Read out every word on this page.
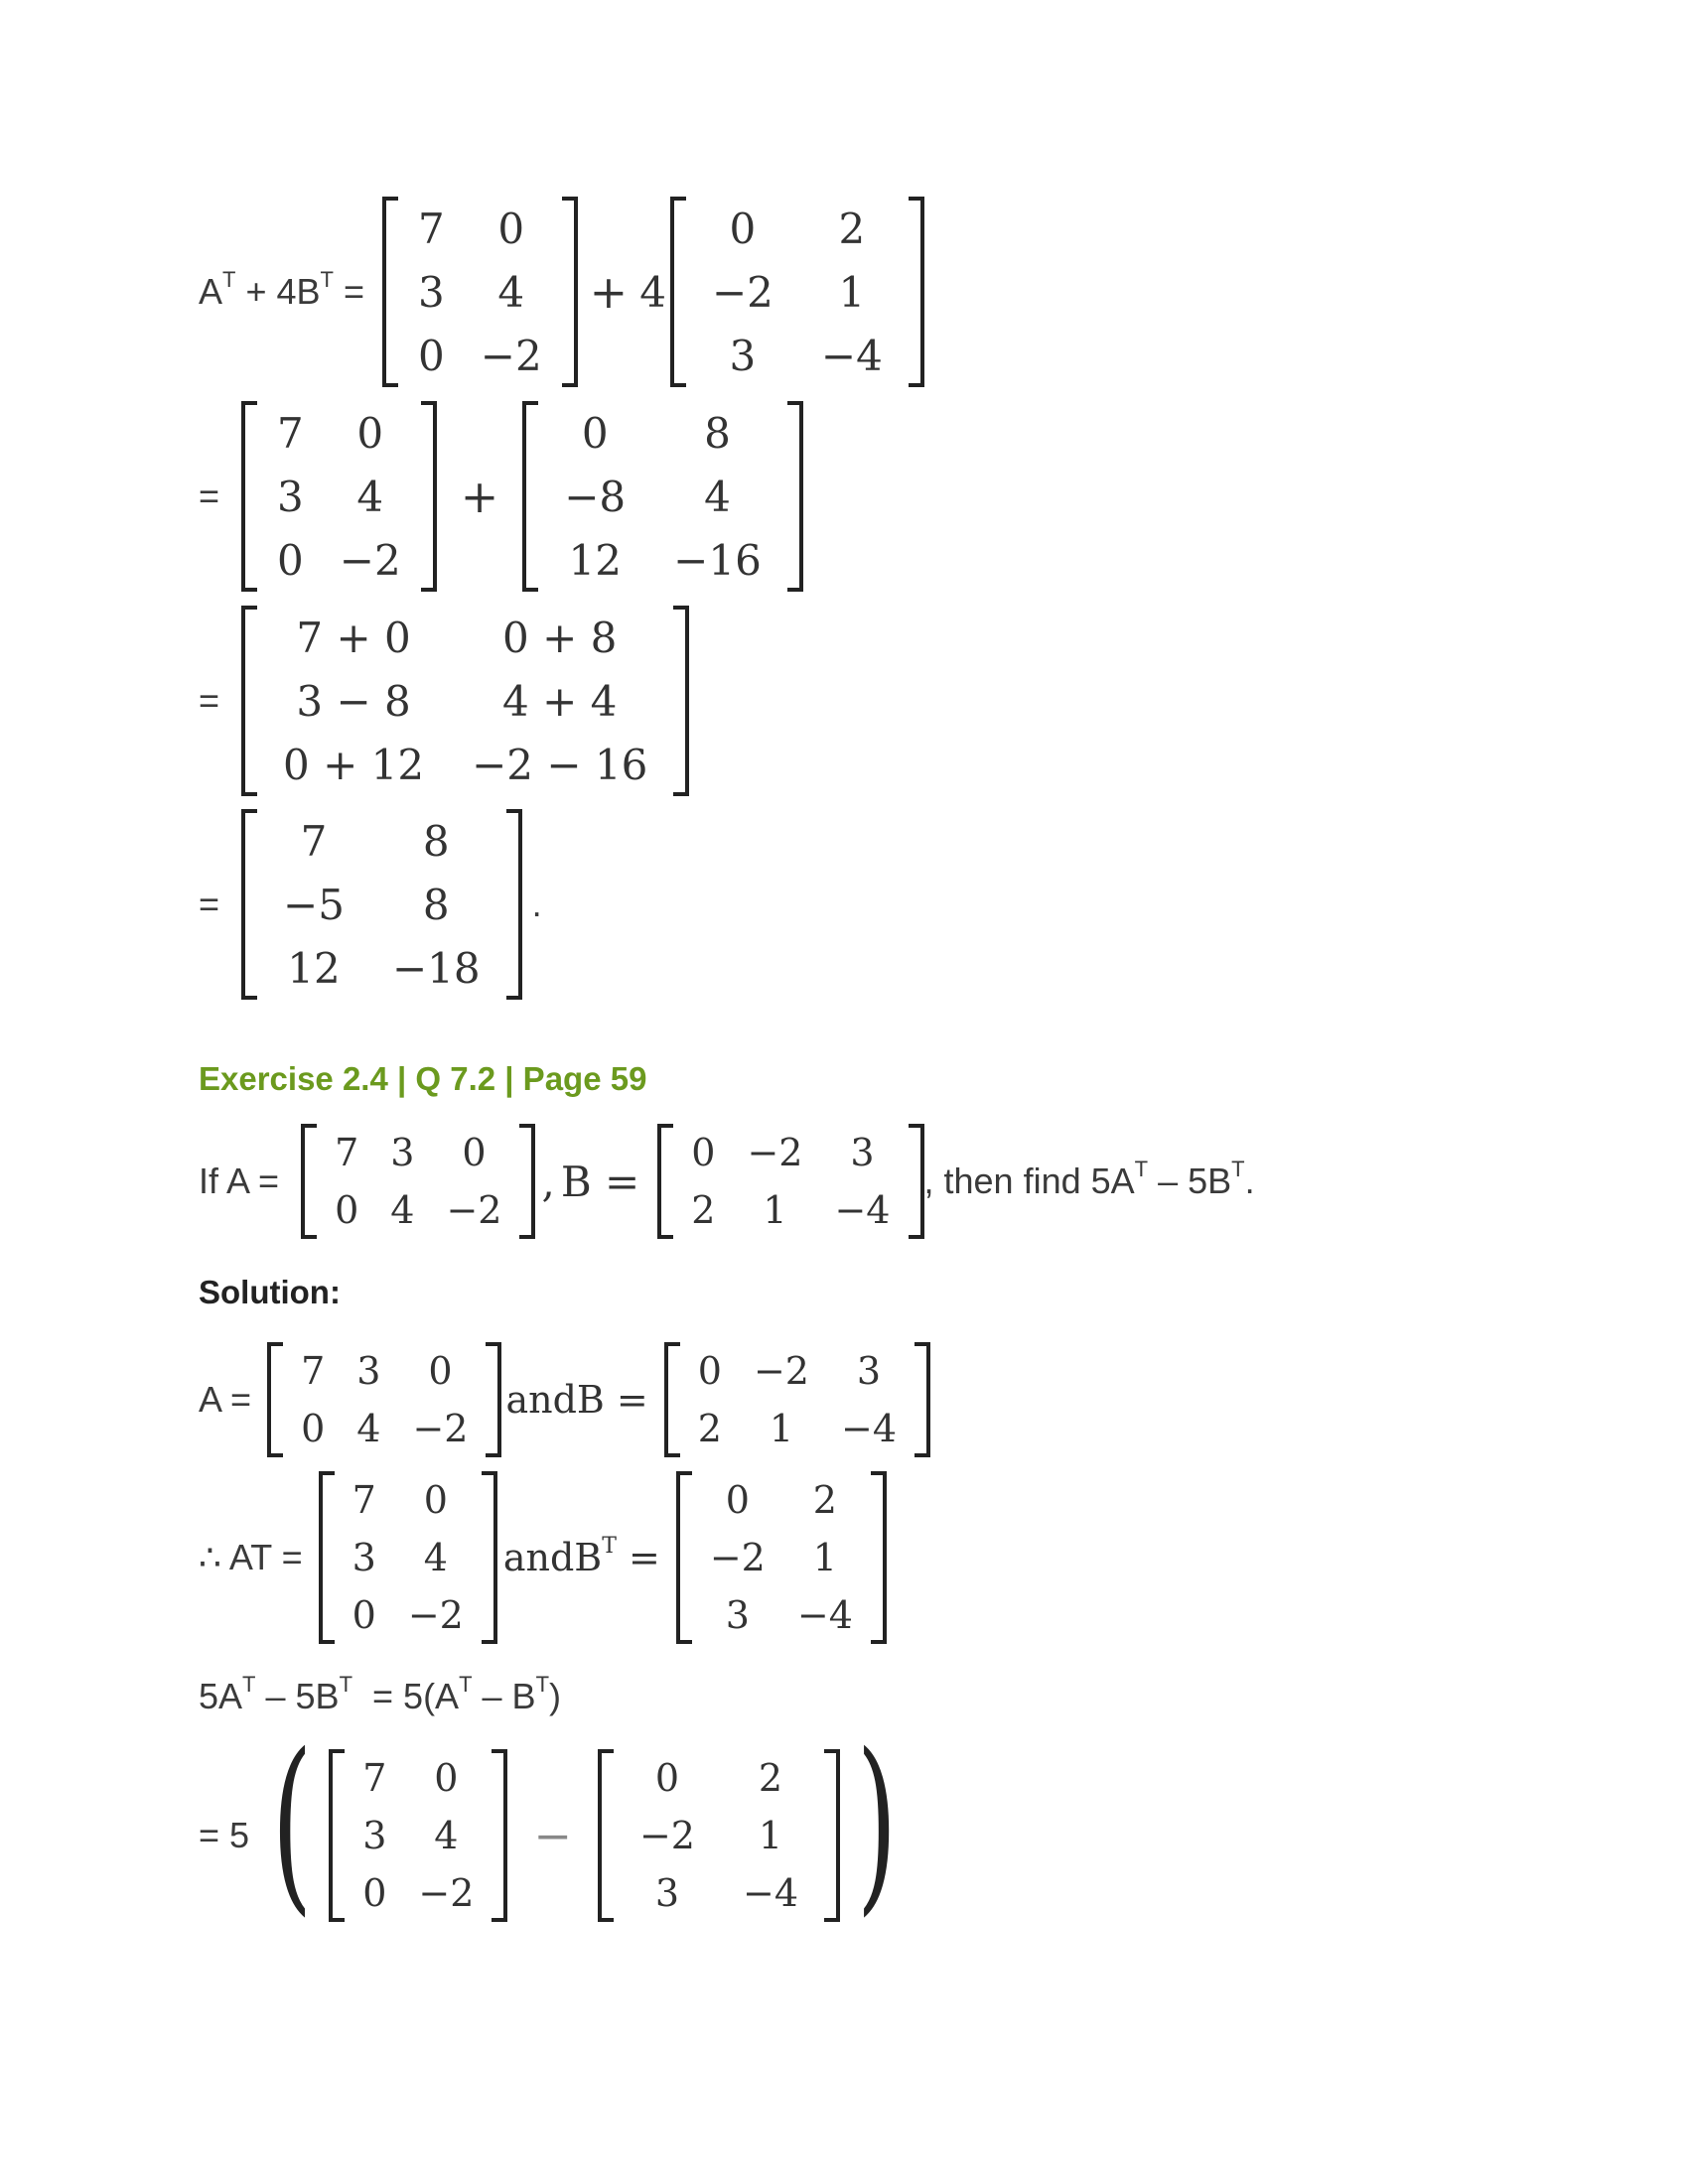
$A^T + 4B^T$ =
7	0
3	4
0	−2
+ 4
0	2
−2	1
3	−4
=
7	0
3	4
0	−2
+
0	8
−8	4
12	−16
=
7 + 0	0 + 8
3 − 8	4 + 4
0 + 12	−2 − 16
=
7	8
−5	8
12	−18
.
Exercise 2.4 | Q 7.2 | Page 59
If A =
7	3	0
0	4	−2
, B =
0	−2	3
2	1	−4
, then find $5A^T - 5B^T$.
Solution:
A =
7	3	0
0	4	−2
andB =
0	−2	3
2	1	−4
∴ AT =
7	0
3	4
0	−2
andB$^T$ =
0	2
−2	1
3	−4
$5A^T - 5B^T = 5(A^T - B^T)$
= 5 ( 7	0
3	4
0	−2
−
0	2
−2	1
3	−4 )
